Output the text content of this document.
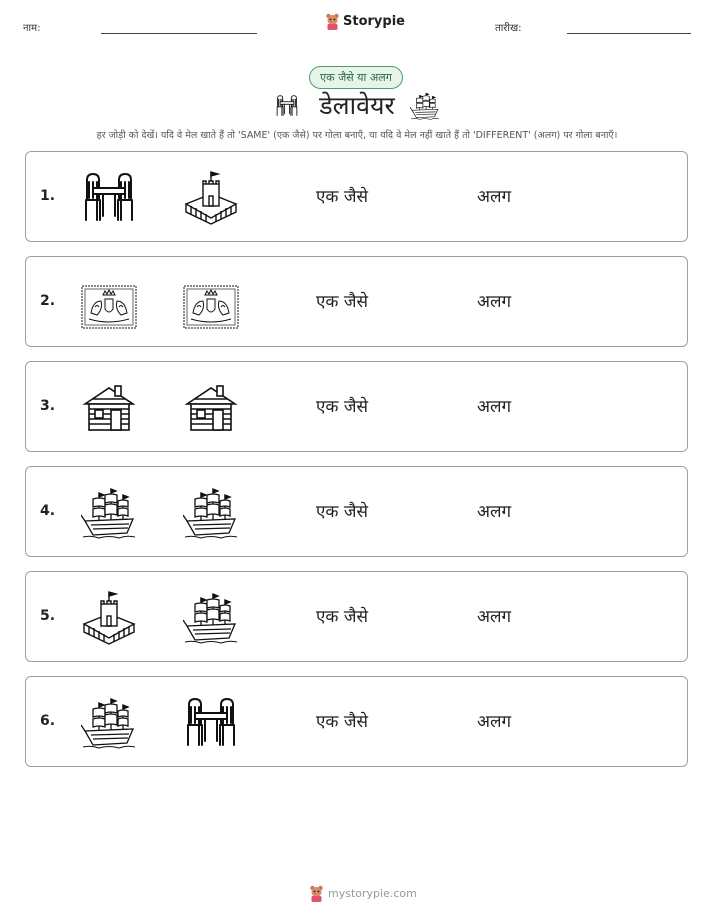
नाम:	Storypie	तारीख:
एक जैसे या अलग
डेलावेयर
हर जोड़ी को देखें। यदि वे मेल खाते हैं तो 'SAME' (एक जैसे) पर गोला बनाएँ, या यदि वे मेल नहीं खाते हैं तो 'DIFFERENT' (अलग) पर गोला बनाएँ।
1.	एक जैसे	अलग
2.	एक जैसे	अलग
3.	एक जैसे	अलग
4.	एक जैसे	अलग
5.	एक जैसे	अलग
6.	एक जैसे	अलग
mystorypie.com
